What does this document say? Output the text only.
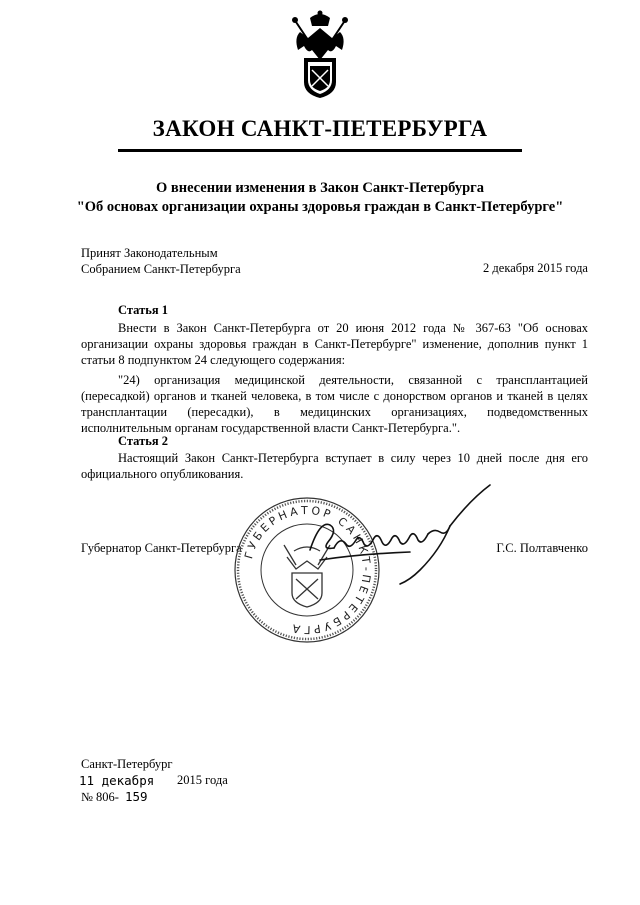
ЗАКОН САНКТ-ПЕТЕРБУРГА
О внесении изменения в Закон Санкт-Петербурга
"Об основах организации охраны здоровья граждан в Санкт-Петербурге"
Принят Законодательным
Собранием Санкт-Петербурга	2 декабря 2015 года
Статья 1
Внести в Закон Санкт-Петербурга от 20 июня 2012 года № 367-63 "Об основах организации охраны здоровья граждан в Санкт-Петербурге" изменение, дополнив пункт 1 статьи 8 подпунктом 24 следующего содержания:
"24) организация медицинской деятельности, связанной с трансплантацией (пересадкой) органов и тканей человека, в том числе с донорством органов и тканей в целях трансплантации (пересадки), в медицинских организациях, подведомственных исполнительным органам государственной власти Санкт-Петербурга.".
Статья 2
Настоящий Закон Санкт-Петербурга вступает в силу через 10 дней после дня его официального опубликования.
Губернатор Санкт-Петербурга	Г.С. Полтавченко
ГУБЕРНАТОР САНКТ-ПЕТЕРБУРГА
Санкт-Петербург
11 декабря 2015 года
№ 806- 159
